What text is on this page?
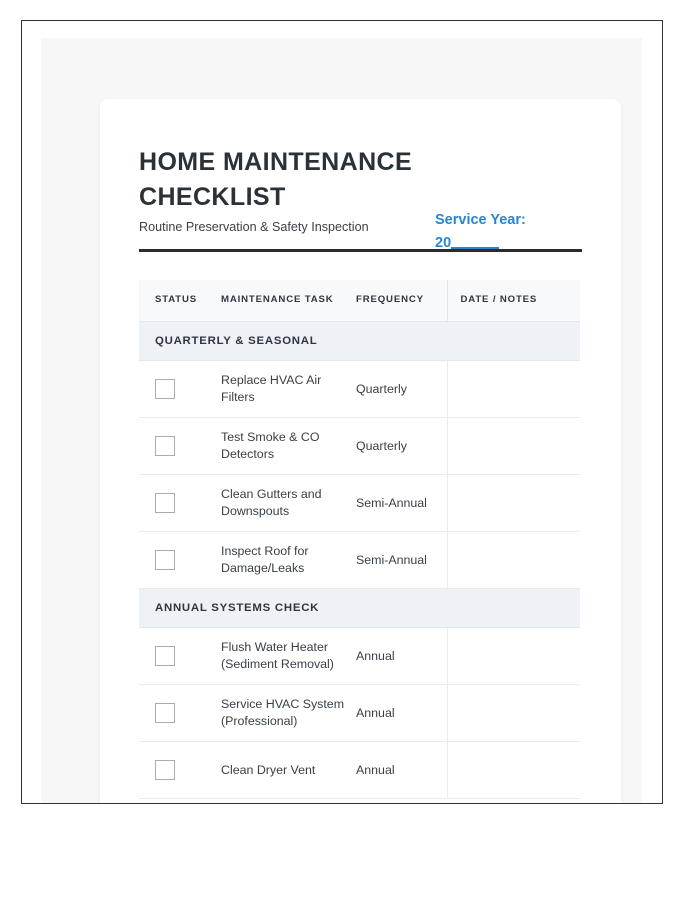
HOME MAINTENANCE CHECKLIST
Routine Preservation & Safety Inspection	Service Year:
20
STATUS	MAINTENANCE TASK	FREQUENCY	DATE / NOTES
QUARTERLY & SEASONAL			

	Replace HVAC Air Filters	Quarterly	

	Test Smoke & CO Detectors	Quarterly	

	Clean Gutters and Downspouts	Semi-Annual	

	Inspect Roof for Damage/Leaks	Semi-Annual	
ANNUAL SYSTEMS CHECK			

	Flush Water Heater (Sediment Removal)	Annual	

	Service HVAC System (Professional)	Annual	

	Clean Dryer Vent	Annual	
